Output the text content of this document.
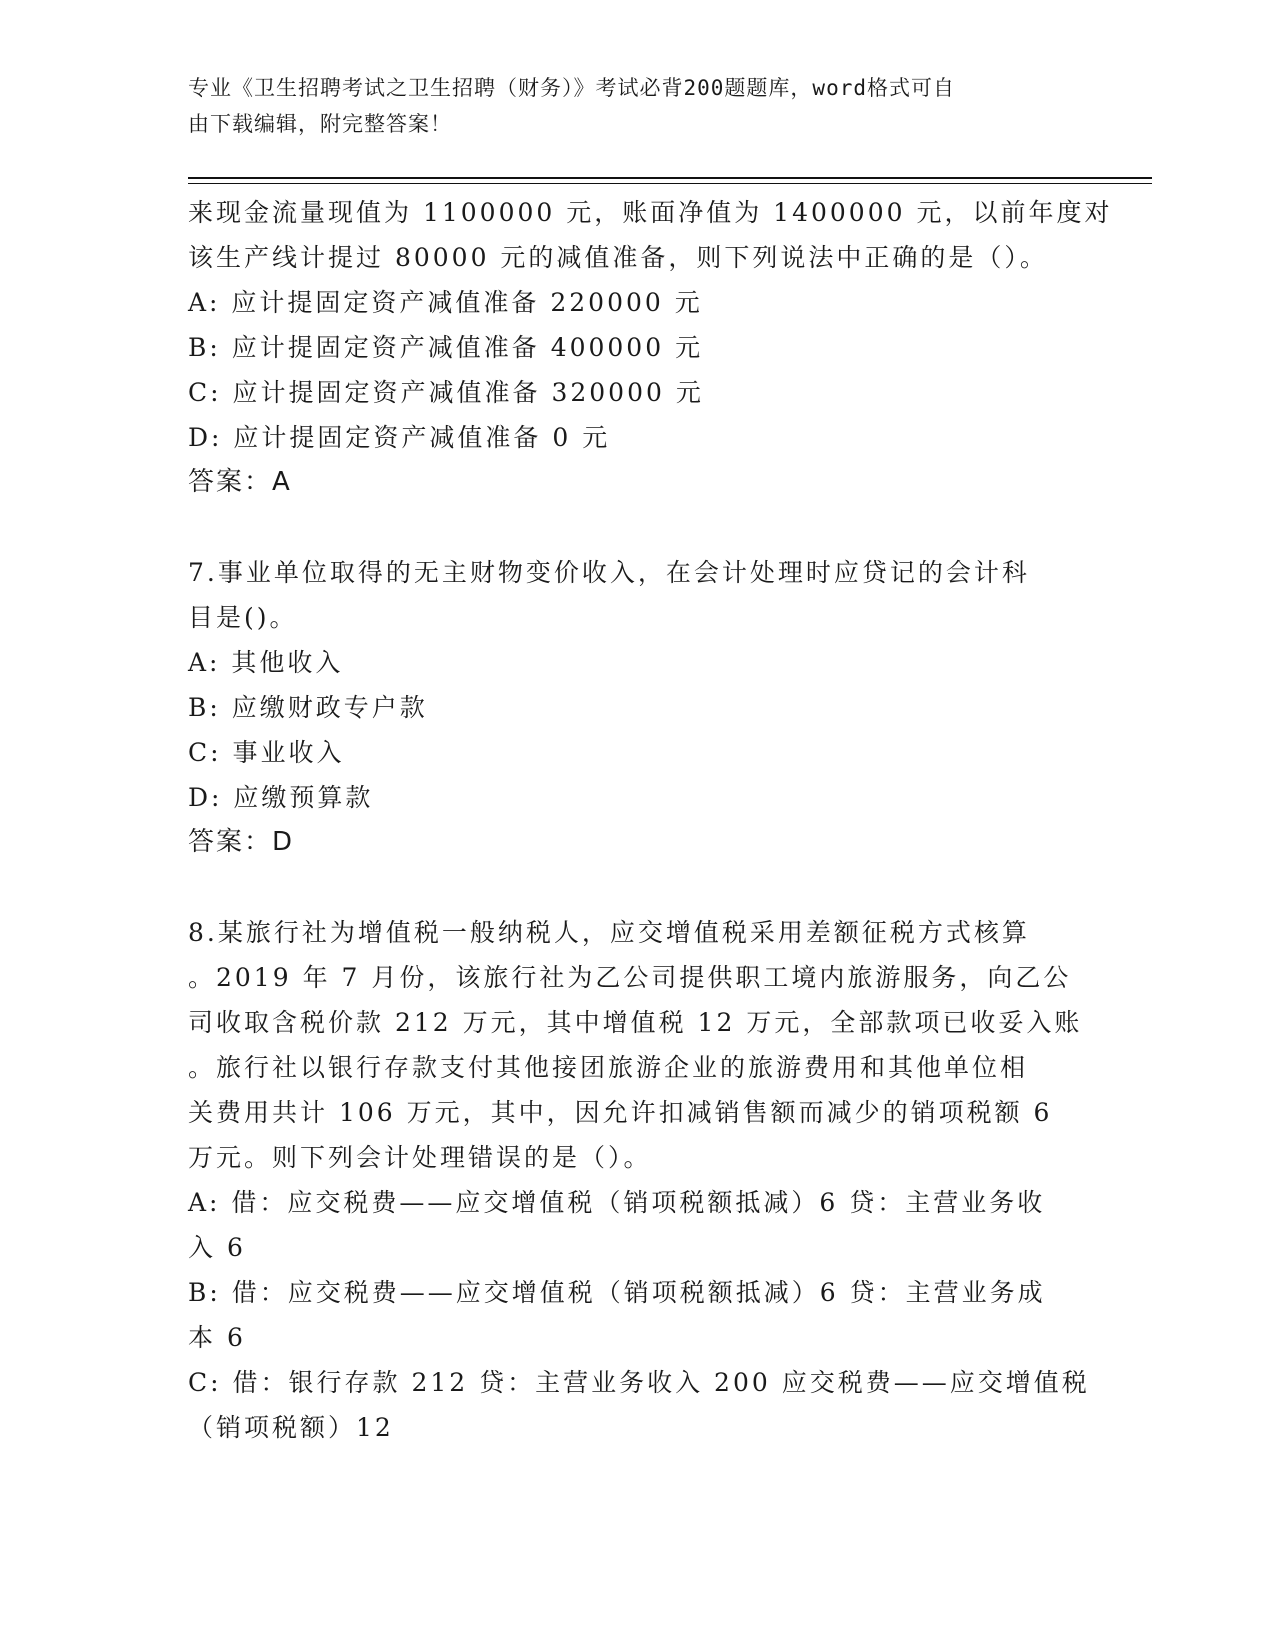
专业《卫生招聘考试之卫生招聘（财务）》考试必背200题题库，word格式可自
由下载编辑，附完整答案！
来现金流量现值为 1100000 元，账面净值为 1400000 元，以前年度对
该生产线计提过 80000 元的减值准备，则下列说法中正确的是（）。
A: 应计提固定资产减值准备 220000 元
B: 应计提固定资产减值准备 400000 元
C: 应计提固定资产减值准备 320000 元
D: 应计提固定资产减值准备 0 元
答案：A
7.事业单位取得的无主财物变价收入，在会计处理时应贷记的会计科
目是()。
A: 其他收入
B: 应缴财政专户款
C: 事业收入
D: 应缴预算款
答案：D
8.某旅行社为增值税一般纳税人，应交增值税采用差额征税方式核算
。2019 年 7 月份，该旅行社为乙公司提供职工境内旅游服务，向乙公
司收取含税价款 212 万元，其中增值税 12 万元，全部款项已收妥入账
。旅行社以银行存款支付其他接团旅游企业的旅游费用和其他单位相
关费用共计 106 万元，其中，因允许扣减销售额而减少的销项税额 6
万元。则下列会计处理错误的是（）。
A: 借：应交税费——应交增值税（销项税额抵减）6 贷：主营业务收
入 6
B: 借：应交税费——应交增值税（销项税额抵减）6 贷：主营业务成
本 6
C: 借：银行存款 212 贷：主营业务收入 200 应交税费——应交增值税
（销项税额）12
